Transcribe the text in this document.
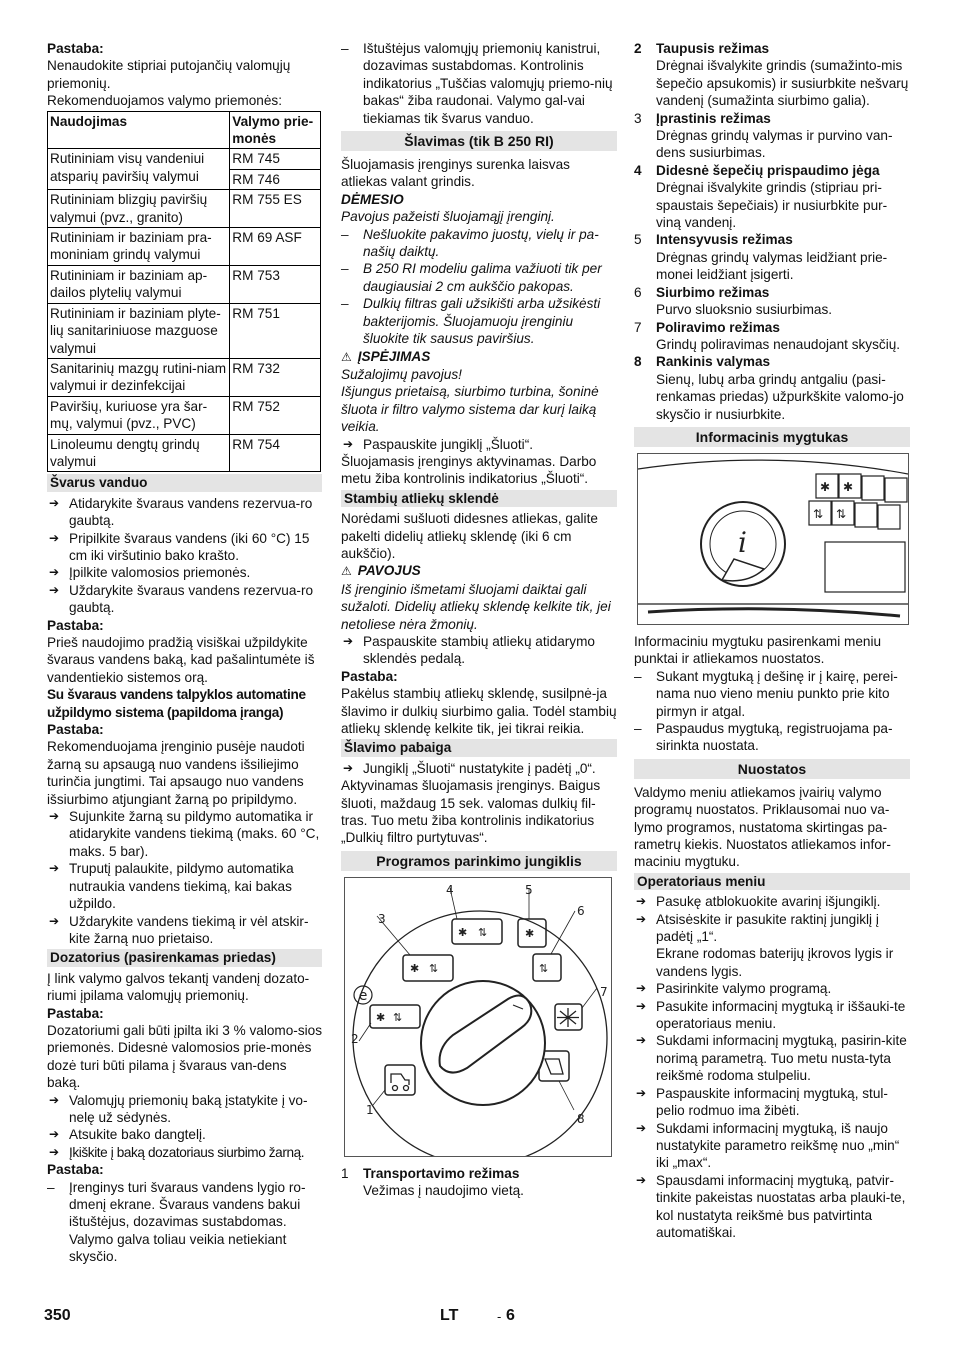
Pastaba:

Nenaudokite stipriai putojančių valomųjų priemonių.

Rekomenduojamos valymo priemonės:

Naudojimas	Valymo prie-monės
Rutininiam visų vandeniui atsparių paviršių valymui	RM 745
	RM 746
Rutininiam blizgių paviršių valymui (pvz., granito)	RM 755 ES
Rutininiam ir baziniam pra-moniniam grindų valymui	RM 69 ASF
Rutininiam ir baziniam ap-dailos plytelių valymui	RM 753
Rutininiam ir baziniam plyte-lių sanitariniuose mazguose valymui	RM 751
Sanitarinių mazgų rutini-niam valymui ir dezinfekcijai	RM 732
Paviršių, kuriuose yra šar-mų, valymui (pvz., PVC)	RM 752
Linoleumu dengtų grindų valymui	RM 754
Švarus vanduo

➔ Atidarykite švaraus vandens rezervua-ro gaubtą.

➔ Pripilkite švaraus vandens (iki 60 °C) 15 cm iki viršutinio bako krašto.

➔ Įpilkite valomosios priemonės.

➔ Uždarykite švaraus vandens rezervua-ro gaubtą.

Pastaba:

Prieš naudojimo pradžią visiškai užpildykite švaraus vandens baką, kad pašalintumėte iš vandentiekio sistemos orą.

Su švaraus vandens talpyklos automatine užpildymo sistema (papildoma įranga)

Pastaba:

Rekomenduojama įrenginio pusėje naudoti žarną su apsaugą nuo vandens išsiliejimo turinčia jungtimi. Tai apsaugo nuo vandens išsiurbimo atjungiant žarną po pripildymo.

➔ Sujunkite žarną su pildymo automatika ir atidarykite vandens tiekimą (maks. 60 °C, maks. 5 bar).

➔ Truputį palaukite, pildymo automatika nutraukia vandens tiekimą, kai bakas užpildo.

➔ Uždarykite vandens tiekimą ir vėl atskir-kite žarną nuo prietaiso.

Dozatorius (pasirenkamas priedas)

Į link valymo galvos tekantį vandenį dozato-riumi įpilama valomųjų priemonių.

Pastaba:

Dozatoriumi gali būti įpilta iki 3 % valomo-sios priemonės. Didesnė valomosios prie-monės dozė turi būti pilama į švaraus van-dens baką.

➔ Valomųjų priemonių baką įstatykite į vo-nelę už sėdynės.

➔ Atsukite bako dangtelį.

➔ Įkiškite į baką dozatoriaus siurbimo žarną.

Pastaba:

– Įrenginys turi švaraus vandens lygio ro-dmenį ekrane. Švaraus vandens bakui ištuštėjus, dozavimas sustabdomas. Valymo galva toliau veikia netiekiant skysčio.

– Ištuštėjus valomųjų priemonių kanistrui, dozavimas sustabdomas. Kontrolinis indikatorius „Tuščias valomųjų priemo-nių bakas“ žiba raudonai. Valymo gal-vai tiekiamas tik švarus vanduo.

Šlavimas (tik B 250 RI)

Šluojamasis įrenginys surenka laisvas atliekas valant grindis.

DĖMESIO

Pavojus pažeisti šluojamąjį įrenginį.

– Nešluokite pakavimo juostų, vielų ir pa-našių daiktų.

– B 250 RI modeliu galima važiuoti tik per daugiausiai 2 cm aukščio pakopas.

– Dulkių filtras gali užsikišti arba užsikėsti bakterijomis. Šluojamuoju įrenginiu šluokite tik sausus paviršius.

⚠ ĮSPĖJIMAS

Sužalojimų pavojus!

Išjungus prietaisą, siurbimo turbina, šoninė šluota ir filtro valymo sistema dar kurį laiką veikia.

➔ Paspauskite jungiklį „Šluoti“.

Šluojamasis įrenginys aktyvinamas. Darbo metu žiba kontrolinis indikatorius „Šluoti“.

Stambių atliekų sklendė

Norėdami sušluoti didesnes atliekas, galite pakelti didelių atliekų sklendę (iki 6 cm aukščio).

⚠ PAVOJUS

Iš įrenginio išmetami šluojami daiktai gali sužaloti. Didelių atliekų sklendę kelkite tik, jei netoliese nėra žmonių.

➔ Paspauskite stambių atliekų atidarymo sklendės pedalą.

Pastaba:

Pakėlus stambių atliekų sklendę, susilpnė-ja šlavimo ir dulkių siurbimo galia. Todėl stambių atliekų sklendę kelkite tik, jei tikrai reikia.

Šlavimo pabaiga

➔ Jungiklį „Šluoti“ nustatykite į padėtį „0“.

Aktyvinamas šluojamasis įrenginys. Baigus šluoti, maždaug 15 sek. valomas dulkių fil-tras. Tuo metu žiba kontrolinis indikatorius „Dulkių filtro purtytuvas“.

Programos parinkimo jungiklis
✱ ⇅
✱ ⇅
✱ ⇅	✱
⇅
e
1
2
3
4	5
6
7
8
1 Transportavimo režimas

Vežimas į naudojimo vietą.

2 Taupusis režimas

Drėgnai išvalykite grindis (sumažinto-mis šepečio apsukomis) ir susiurbkite nešvarų vandenį (sumažinta siurbimo galia).

3 Įprastinis režimas

Drėgnas grindų valymas ir purvino van-dens susiurbimas.

4 Didesnė šepečių prispaudimo jėga

Drėgnai išvalykite grindis (stipriau pri-spaustais šepečiais) ir nusiurbkite pur-viną vandenį.

5 Intensyvusis režimas

Drėgnas grindų valymas leidžiant prie-monei leidžiant įsigerti.

6 Siurbimo režimas

Purvo sluoksnio susiurbimas.

7 Poliravimo režimas

Grindų poliravimas nenaudojant skysčių.

8 Rankinis valymas

Sienų, lubų arba grindų antgaliu (pasi-renkamas priedas) užpurkškite valomo-jo skysčio ir nusiurbkite.

Informacinis mygtukas
✱ ✱
⇅ ⇅
i

Informaciniu mygtuku pasirenkami meniu punktai ir atliekamos nuostatos.

– Sukant mygtuką į dešinę ir į kairę, perei-nama nuo vieno meniu punkto prie kito pirmyn ir atgal.

– Paspaudus mygtuką, registruojama pa-sirinkta nuostata.

Nuostatos

Valdymo meniu atliekamos įvairių valymo programų nuostatos. Priklausomai nuo va-lymo programos, nustatoma skirtingas pa-rametrų kiekis. Nuostatos atliekamos infor-maciniu mygtuku.

Operatoriaus meniu

➔ Pasukę atblokuokite avarinį išjungiklį.

➔ Atsisėskite ir pasukite raktinį jungiklį į padėtį „1“.

Ekrane rodomas baterijų įkrovos lygis ir vandens lygis.

➔ Pasirinkite valymo programą.

➔ Pasukite informacinį mygtuką ir iššauki-te operatoriaus meniu.

➔ Sukdami informacinį mygtuką, pasirin-kite norimą parametrą. Tuo metu nusta-tyta reikšmė rodoma stulpeliu.

➔ Paspauskite informacinį mygtuką, stul-pelio rodmuo ima žibėti.

➔ Sukdami informacinį mygtuką, iš naujo nustatykite parametro reikšmę nuo „min“ iki „max“.

➔ Spausdami informacinį mygtuką, patvir-tinkite pakeistas nuostatas arba plauki-te, kol nustatyta reikšmė bus patvirtinta automatiškai.

350	LT	- 6
